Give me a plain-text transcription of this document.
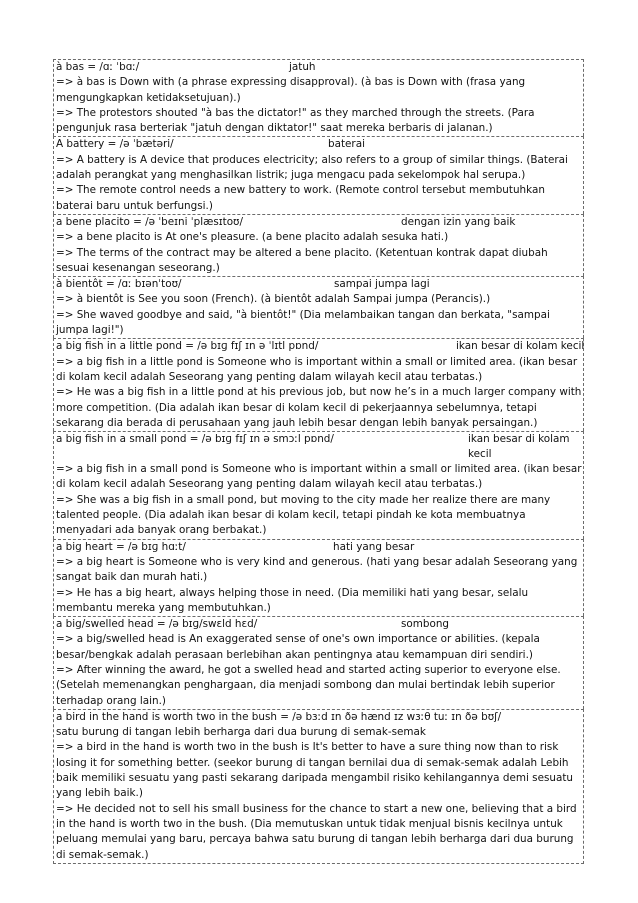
à bas = /ɑː ˈbɑː/	jatuh
=> à bas is Down with (a phrase expressing disapproval). (à bas is Down with (frasa yang mengungkapkan ketidaksetujuan).)
=> The protestors shouted "à bas the dictator!" as they marched through the streets. (Para pengunjuk rasa berteriak "jatuh dengan diktator!" saat mereka berbaris di jalanan.)
A battery = /ə ˈbætəri/	baterai
=> A battery is A device that produces electricity; also refers to a group of similar things. (Baterai adalah perangkat yang menghasilkan listrik; juga mengacu pada sekelompok hal serupa.)
=> The remote control needs a new battery to work. (Remote control tersebut membutuhkan baterai baru untuk berfungsi.)
a bene placito = /ə ˈbeɪni ˈplæsɪtoʊ/	dengan izin yang baik
=> a bene placito is At one's pleasure. (a bene placito adalah sesuka hati.)
=> The terms of the contract may be altered a bene placito. (Ketentuan kontrak dapat diubah sesuai kesenangan seseorang.)
à bientôt = /ɑː bɪənˈtoʊ/	sampai jumpa lagi
=> à bientôt is See you soon (French). (à bientôt adalah Sampai jumpa (Perancis).)
=> She waved goodbye and said, "à bientôt!" (Dia melambaikan tangan dan berkata, "sampai jumpa lagi!")
a big fish in a little pond = /ə bɪɡ fɪʃ ɪn ə ˈlɪtl pɒnd/	ikan besar di kolam kecil
=> a big fish in a little pond is Someone who is important within a small or limited area. (ikan besar di kolam kecil adalah Seseorang yang penting dalam wilayah kecil atau terbatas.)
=> He was a big fish in a little pond at his previous job, but now he’s in a much larger company with more competition. (Dia adalah ikan besar di kolam kecil di pekerjaannya sebelumnya, tetapi sekarang dia berada di perusahaan yang jauh lebih besar dengan lebih banyak persaingan.)
a big fish in a small pond = /ə bɪɡ fɪʃ ɪn ə smɔːl pɒnd/	ikan besar di kolam kecil
=> a big fish in a small pond is Someone who is important within a small or limited area. (ikan besar di kolam kecil adalah Seseorang yang penting dalam wilayah kecil atau terbatas.)
=> She was a big fish in a small pond, but moving to the city made her realize there are many talented people. (Dia adalah ikan besar di kolam kecil, tetapi pindah ke kota membuatnya menyadari ada banyak orang berbakat.)
a big heart = /ə bɪɡ hɑːt/	hati yang besar
=> a big heart is Someone who is very kind and generous. (hati yang besar adalah Seseorang yang sangat baik dan murah hati.)
=> He has a big heart, always helping those in need. (Dia memiliki hati yang besar, selalu membantu mereka yang membutuhkan.)
a big/swelled head = /ə bɪɡ/swɛld hɛd/	sombong
=> a big/swelled head is An exaggerated sense of one's own importance or abilities. (kepala besar/bengkak adalah perasaan berlebihan akan pentingnya atau kemampuan diri sendiri.)
=> After winning the award, he got a swelled head and started acting superior to everyone else. (Setelah memenangkan penghargaan, dia menjadi sombong dan mulai bertindak lebih superior terhadap orang lain.)
a bird in the hand is worth two in the bush = /ə bɜːd ɪn ðə hænd ɪz wɜːθ tuː ɪn ðə bʊʃ/
satu burung di tangan lebih berharga dari dua burung di semak-semak
=> a bird in the hand is worth two in the bush is It's better to have a sure thing now than to risk losing it for something better. (seekor burung di tangan bernilai dua di semak-semak adalah Lebih baik memiliki sesuatu yang pasti sekarang daripada mengambil risiko kehilangannya demi sesuatu yang lebih baik.)
=> He decided not to sell his small business for the chance to start a new one, believing that a bird in the hand is worth two in the bush. (Dia memutuskan untuk tidak menjual bisnis kecilnya untuk peluang memulai yang baru, percaya bahwa satu burung di tangan lebih berharga dari dua burung di semak-semak.)
